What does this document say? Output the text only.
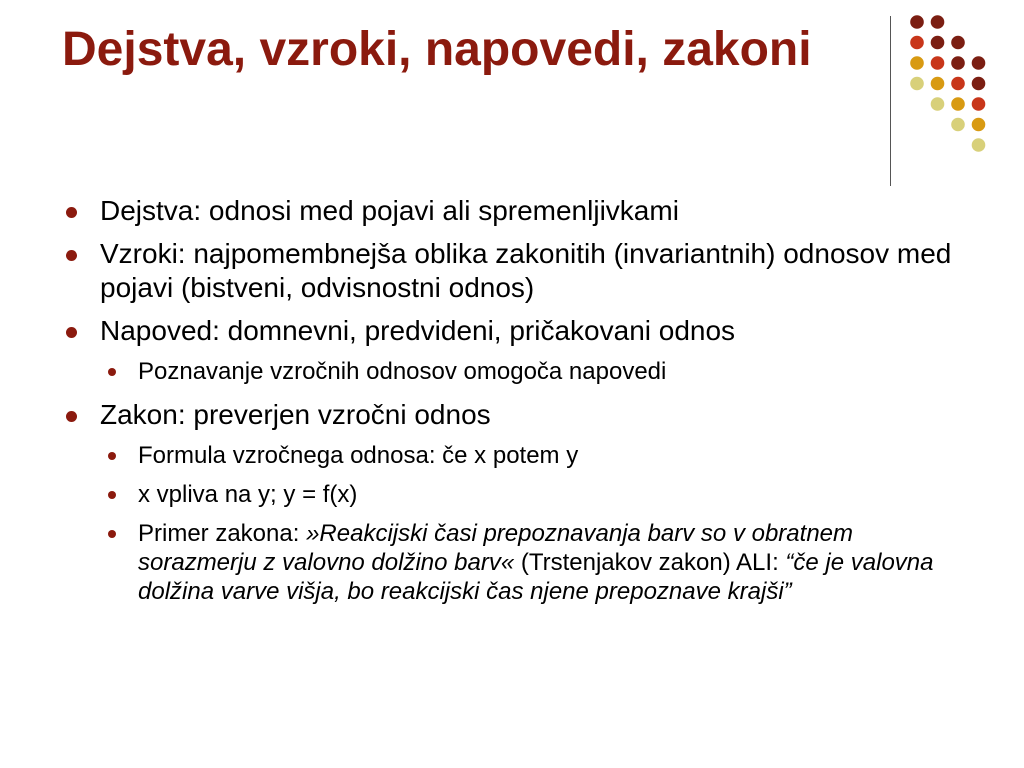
Dejstva, vzroki, napovedi, zakoni
Dejstva: odnosi med pojavi ali spremenljivkami
Vzroki: najpomembnejša oblika zakonitih (invariantnih) odnosov med pojavi (bistveni, odvisnostni odnos)
Napoved: domnevni, predvideni, pričakovani odnos
Poznavanje vzročnih odnosov omogoča napovedi
Zakon: preverjen vzročni odnos
Formula vzročnega odnosa: če x potem y
x vpliva na y; y = f(x)
Primer zakona: »Reakcijski časi prepoznavanja barv so v obratnem sorazmerju z valovno dolžino barv« (Trstenjakov zakon) ALI: “če je valovna dolžina varve višja, bo reakcijski čas njene prepoznave krajši”
